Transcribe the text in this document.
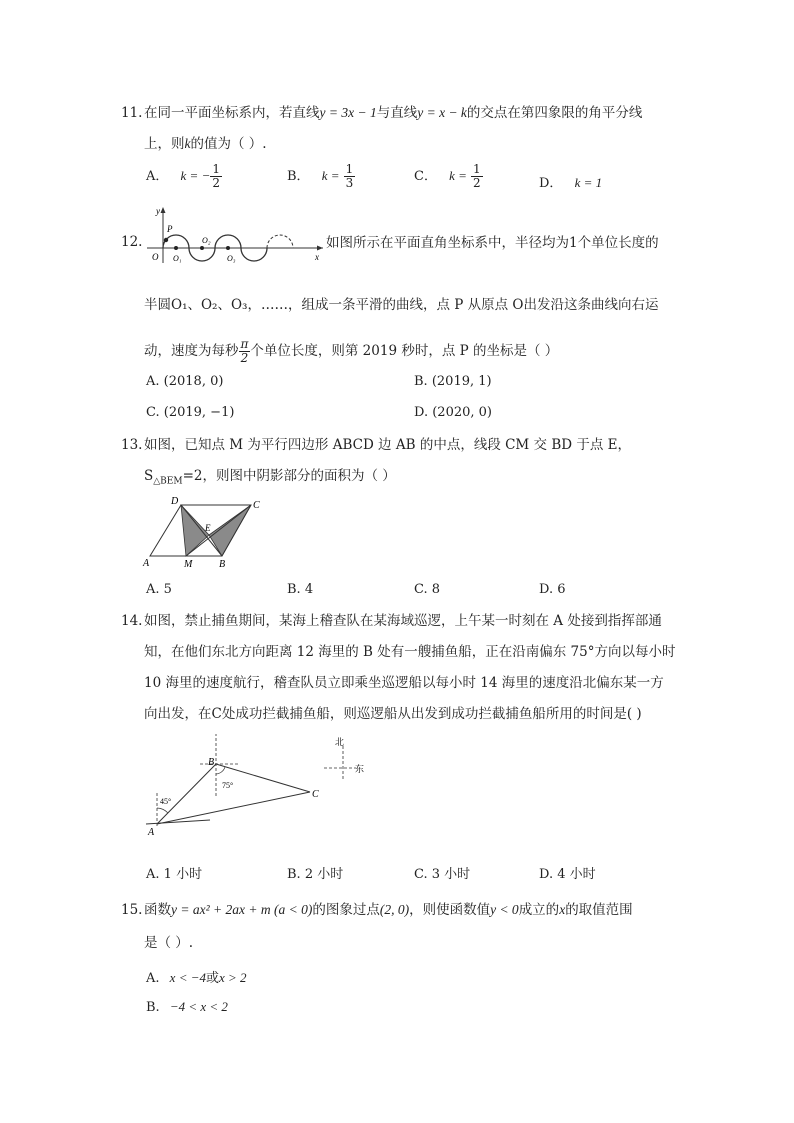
11. 在同一平面坐标系内，若直线y = 3x − 1与直线y = x − k的交点在第四象限的角平分线
上，则k的值为（ ）.
A． k = − $\frac{1}{2}$	B． $k = \frac{1}{3}$	C． $k = \frac{1}{2}$	D． k = 1
12.
y
x
O
P
O₁
O₂
O₃
如图所示在平面直角坐标系中，半径均为1个单位长度的
半圆O₁、O₂、O₃，……，组成一条平滑的曲线，点 P 从原点 O出发沿这条曲线向右运
动，速度为每秒 $\frac{\pi}{2}$ 个单位长度，则第 2019 秒时，点 P 的坐标是（ ）
A. (2018, 0)	B. (2019, 1)
C. (2019, −1)	D. (2020, 0)
13. 如图，已知点 M 为平行四边形 ABCD 边 AB 的中点，线段 CM 交 BD 于点 E，
$S_{\triangle BEM}=2$，则图中阴影部分的面积为（ ）
A	M	B
C
D
E
A. 5	B. 4	C. 8	D. 6
14. 如图，禁止捕鱼期间，某海上稽查队在某海域巡逻，上午某一时刻在 A 处接到指挥部通
知，在他们东北方向距离 12 海里的 B 处有一艘捕鱼船，正在沿南偏东 75°方向以每小时
10 海里的速度航行，稽查队员立即乘坐巡逻船以每小时 14 海里的速度沿北偏东某一方
向出发，在C处成功拦截捕鱼船，则巡逻船从出发到成功拦截捕鱼船所用的时间是( )
北
东
A
B
C
45°
75°
A. 1 小时	B. 2 小时	C. 3 小时	D. 4 小时
15. 函数y = ax² + 2ax + m (a < 0)的图象过点(2, 0)，则使函数值y < 0成立的x的取值范围
是（ ）.
A. x < −4或x > 2
B. −4 < x < 2
